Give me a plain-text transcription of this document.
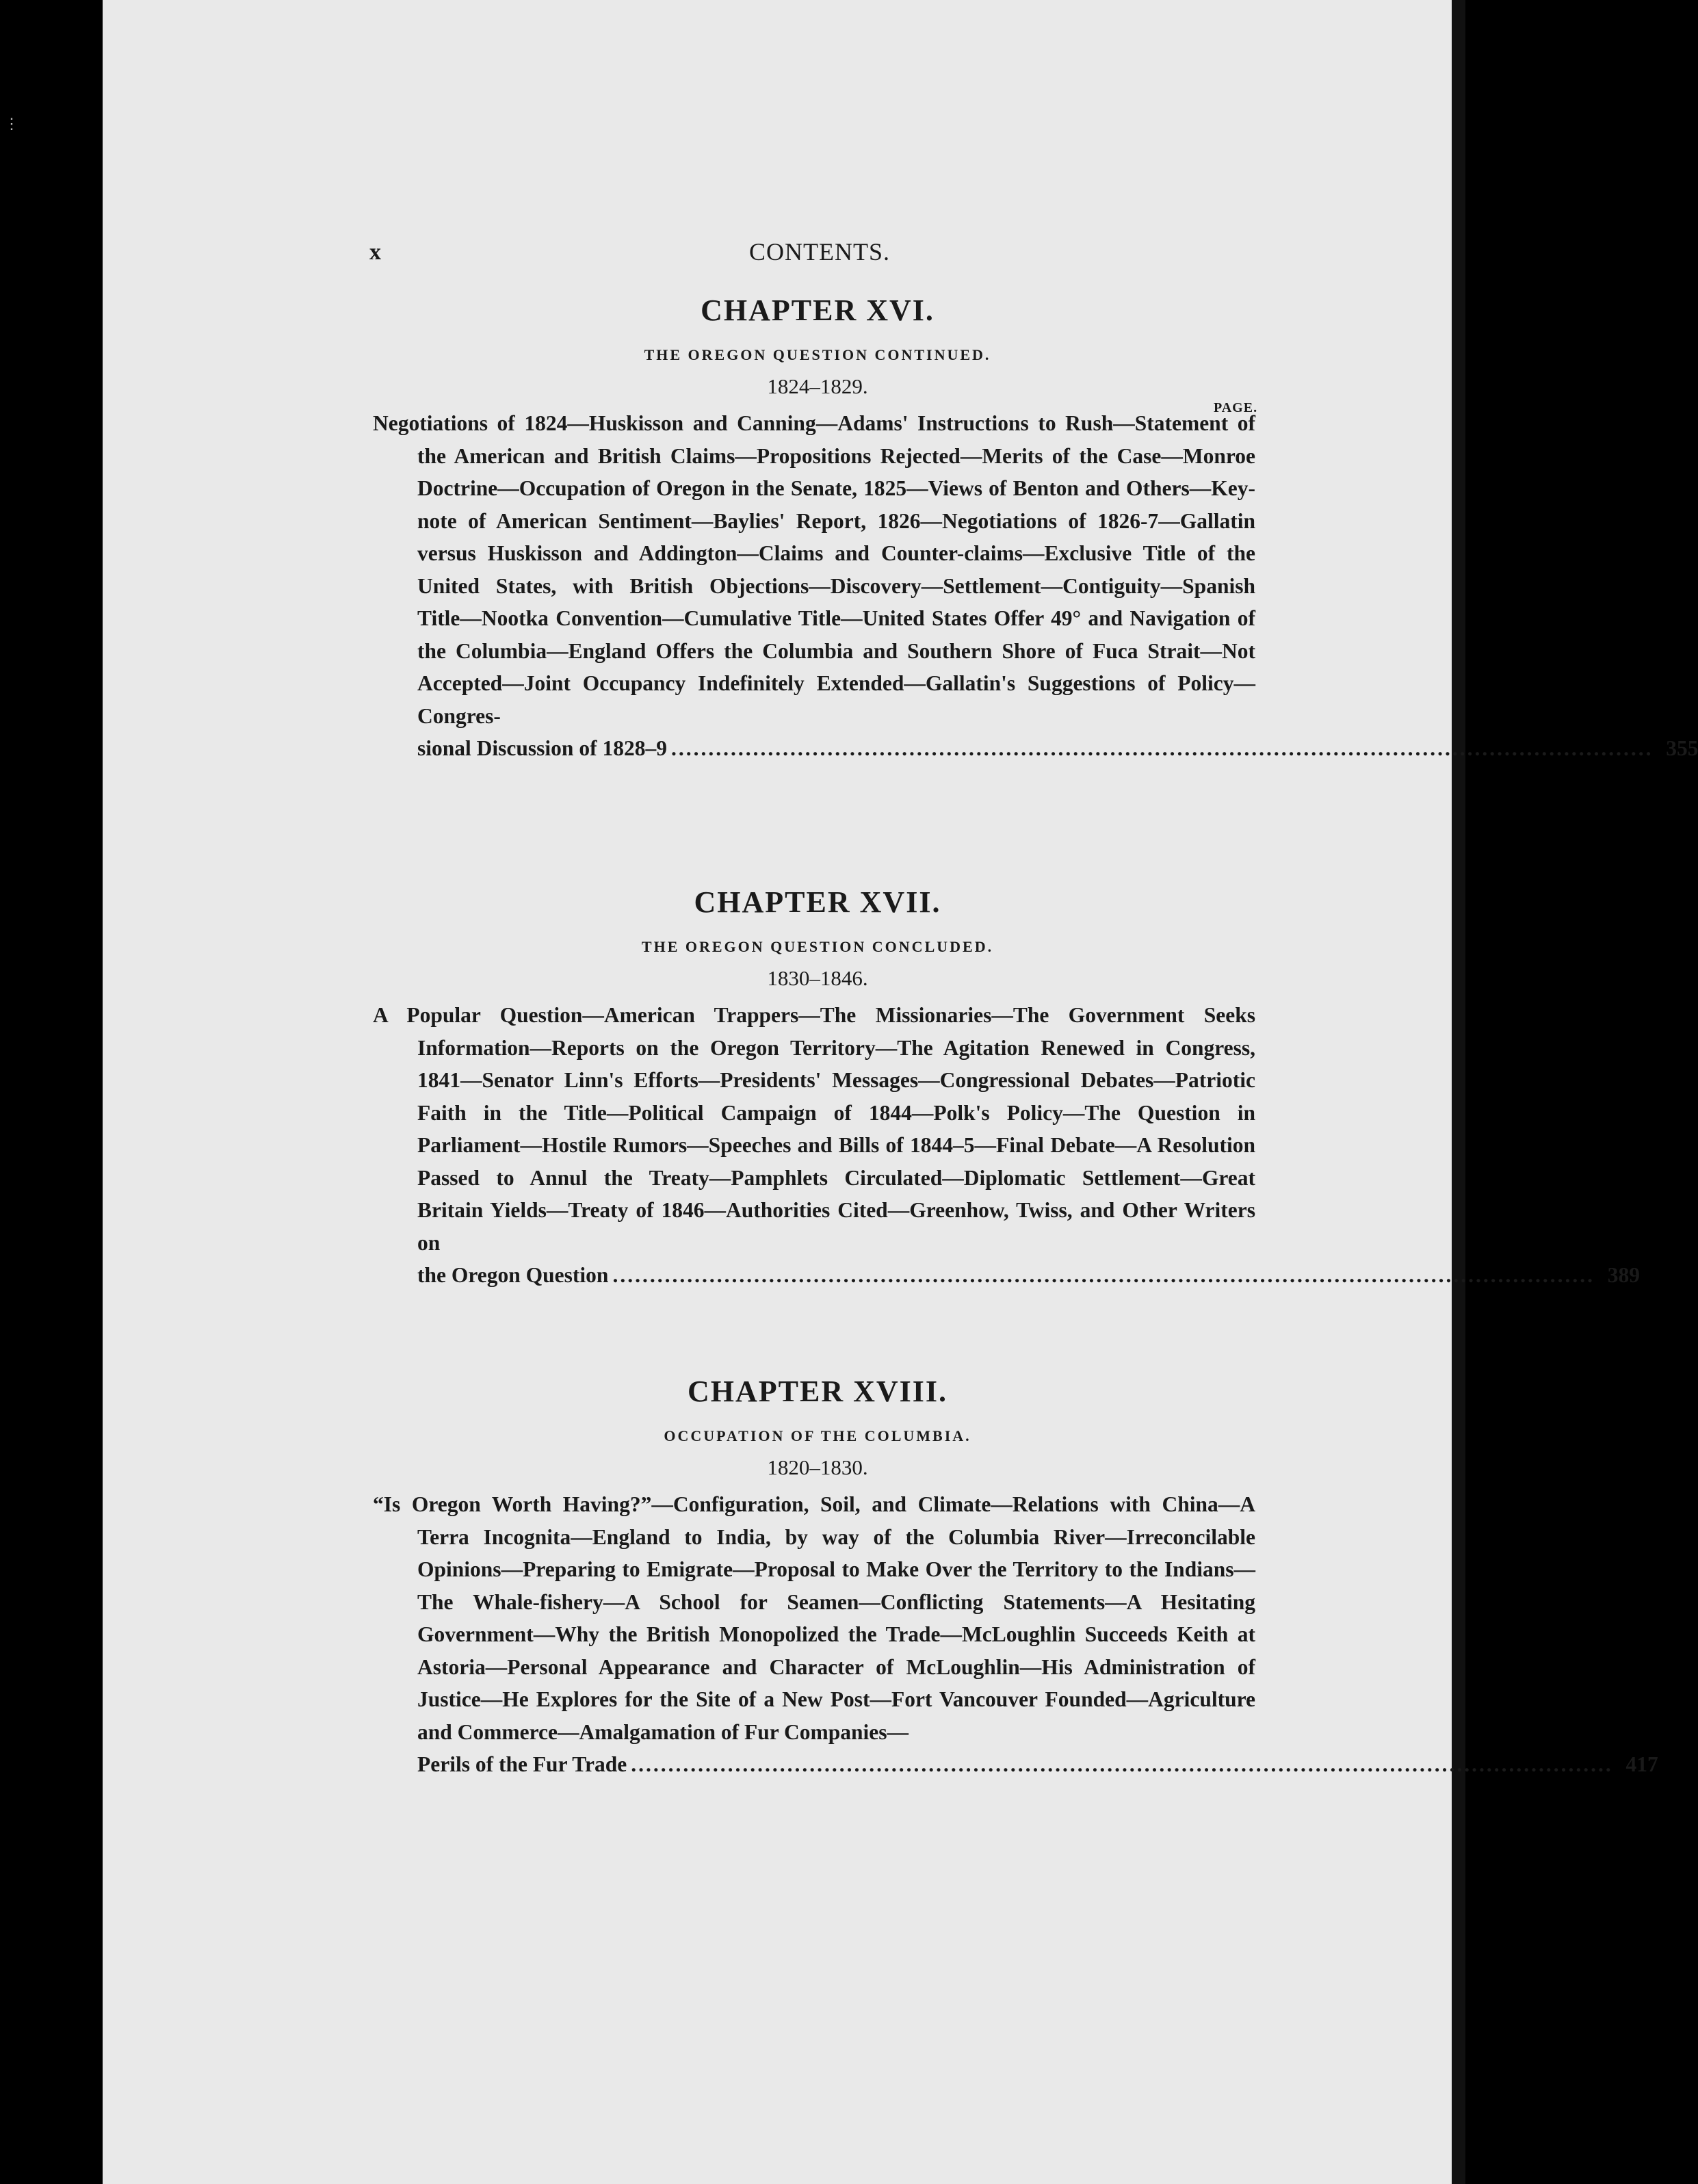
⋮
x	CONTENTS.
PAGE.
CHAPTER XVI.
THE OREGON QUESTION CONTINUED.
1824–1829.
Negotiations of 1824—Huskisson and Canning—Adams' Instructions to Rush—Statement of the American and British Claims—Propositions Rejected—Merits of the Case—Monroe Doctrine—Occupation of Oregon in the Senate, 1825—Views of Benton and Others—Key-note of American Sentiment—Baylies' Report, 1826—Negotiations of 1826-7—Gallatin versus Huskisson and Addington—Claims and Counter-claims—Exclusive Title of the United States, with British Objections—Discovery—Settlement—Contiguity—Spanish Title—Nootka Convention—Cumulative Title—United States Offer 49° and Navigation of the Columbia—England Offers the Columbia and Southern Shore of Fuca Strait—Not Accepted—Joint Occupancy Indefinitely Extended—Gallatin's Suggestions of Policy—Congres-
sional Discussion of 1828–9 .................................................................................................................................... 355
CHAPTER XVII.
THE OREGON QUESTION CONCLUDED.
1830–1846.
A Popular Question—American Trappers—The Missionaries—The Government Seeks Information—Reports on the Oregon Territory—The Agitation Renewed in Congress, 1841—Senator Linn's Efforts—Presidents' Messages—Congressional Debates—Patriotic Faith in the Title—Political Campaign of 1844—Polk's Policy—The Question in Parliament—Hostile Rumors—Speeches and Bills of 1844–5—Final Debate—A Resolution Passed to Annul the Treaty—Pamphlets Circulated—Diplomatic Settlement—Great Britain Yields—Treaty of 1846—Authorities Cited—Greenhow, Twiss, and Other Writers on
the Oregon Question .................................................................................................................................... 389
CHAPTER XVIII.
OCCUPATION OF THE COLUMBIA.
1820–1830.
“Is Oregon Worth Having?”—Configuration, Soil, and Climate—Relations with China—A Terra Incognita—England to India, by way of the Columbia River—Irreconcilable Opinions—Preparing to Emigrate—Proposal to Make Over the Territory to the Indians—The Whale-fishery—A School for Seamen—Conflicting Statements—A Hesitating Government—Why the British Monopolized the Trade—McLoughlin Succeeds Keith at Astoria—Personal Appearance and Character of McLoughlin—His Administration of Justice—He Explores for the Site of a New Post—Fort Vancouver Founded—Agriculture and Commerce—Amalgamation of Fur Companies—
Perils of the Fur Trade .................................................................................................................................... 417
